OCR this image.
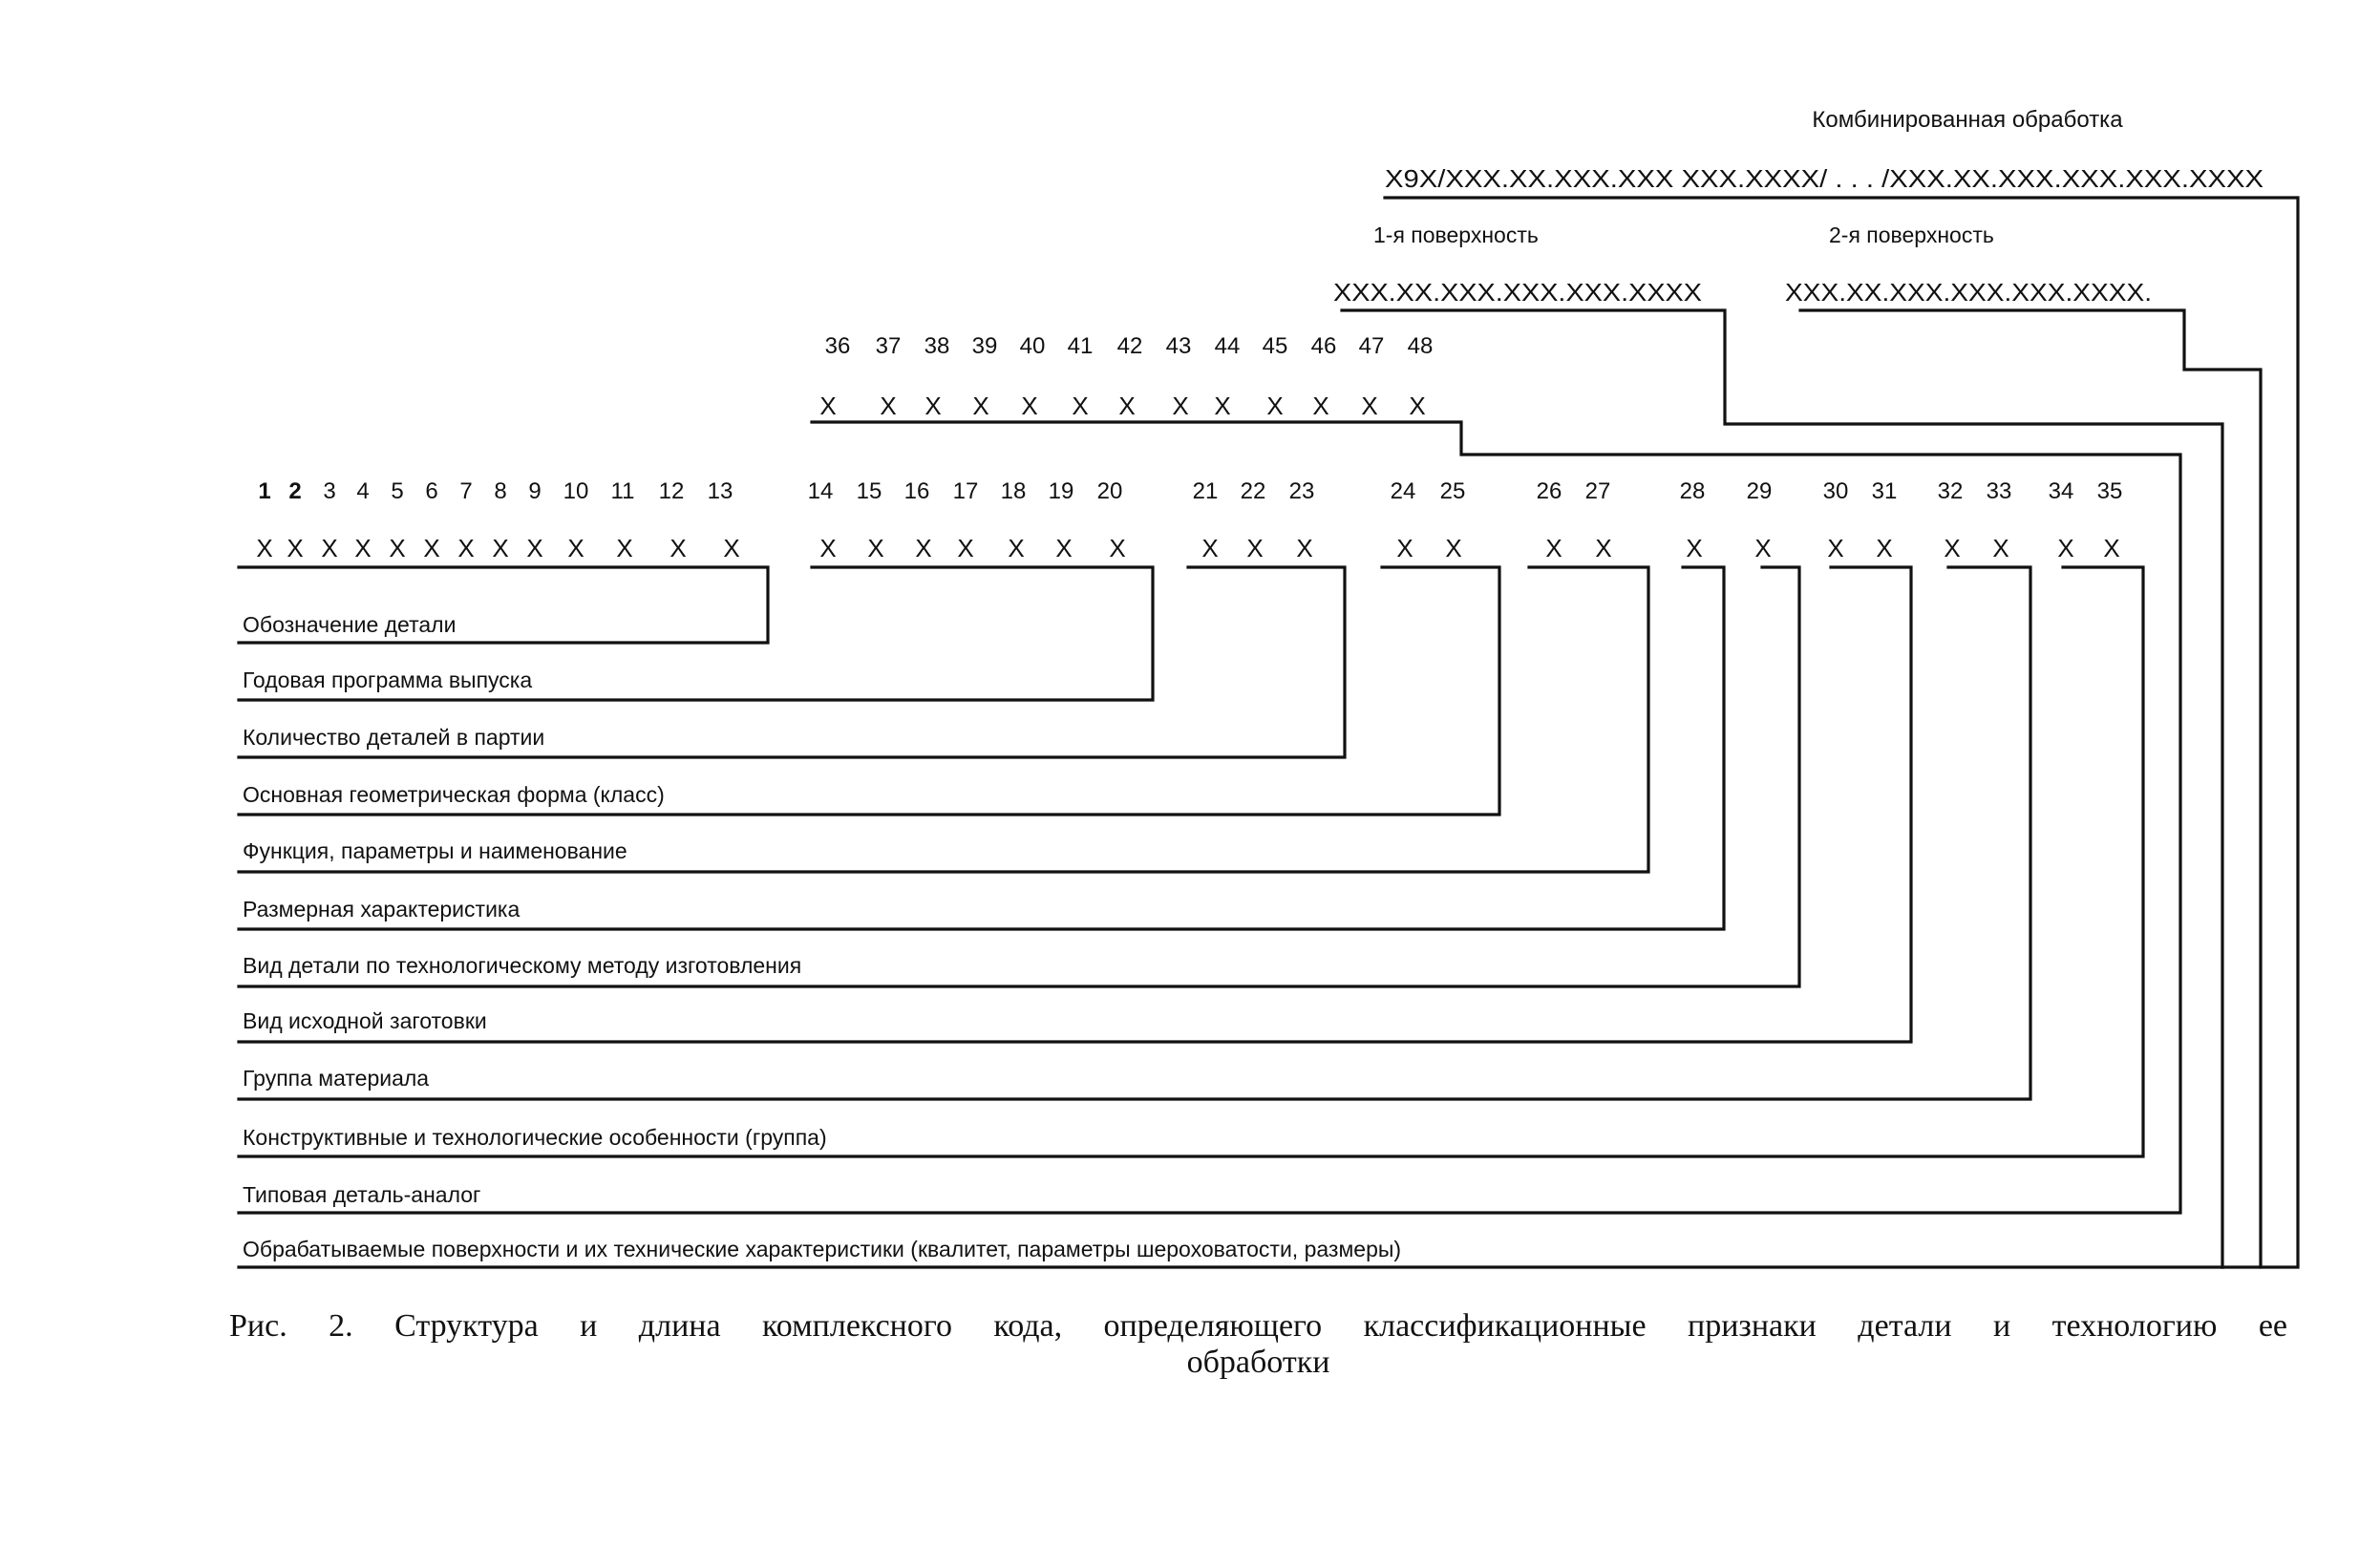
Комбинированная обработка
X9X/XXX.XX.XXX.XXX XXX.XXXX/ . . . /XXX.XX.XXX.XXX.XXX.XXXX
1-я поверхность
XXX.XX.XXX.XXX.XXX.XXXX
2-я поверхность
XXX.XX.XXX.XXX.XXX.XXXX.
36 37 38 39 40 41 42 43 44 45 46 47 48
X X X X X X X X X X X X X
1 2 3 4 5 6 7 8 9 10 11 12 13	14 15 16 17 18 19 20	21 22 23	24 25	26 27	28 29 30 31 32 33 34 35
X X X X X X X X X X X X X	X X X X X X X	X X X	X X	X X	X X X X X X X X
Обозначение детали
Годовая программа выпуска
Количество деталей в партии
Основная геометрическая форма (класс)
Функция, параметры и наименование
Размерная характеристика
Вид детали по технологическому методу изготовления
Вид исходной заготовки
Группа материала
Конструктивные и технологические особенности (группа)
Типовая деталь-аналог
Обрабатываемые поверхности и их технические характеристики (квалитет, параметры шероховатости, размеры)
Рис. 2. Структура и длина комплексного кода, определяющего классификационные признаки детали и технологию ее
обработки
